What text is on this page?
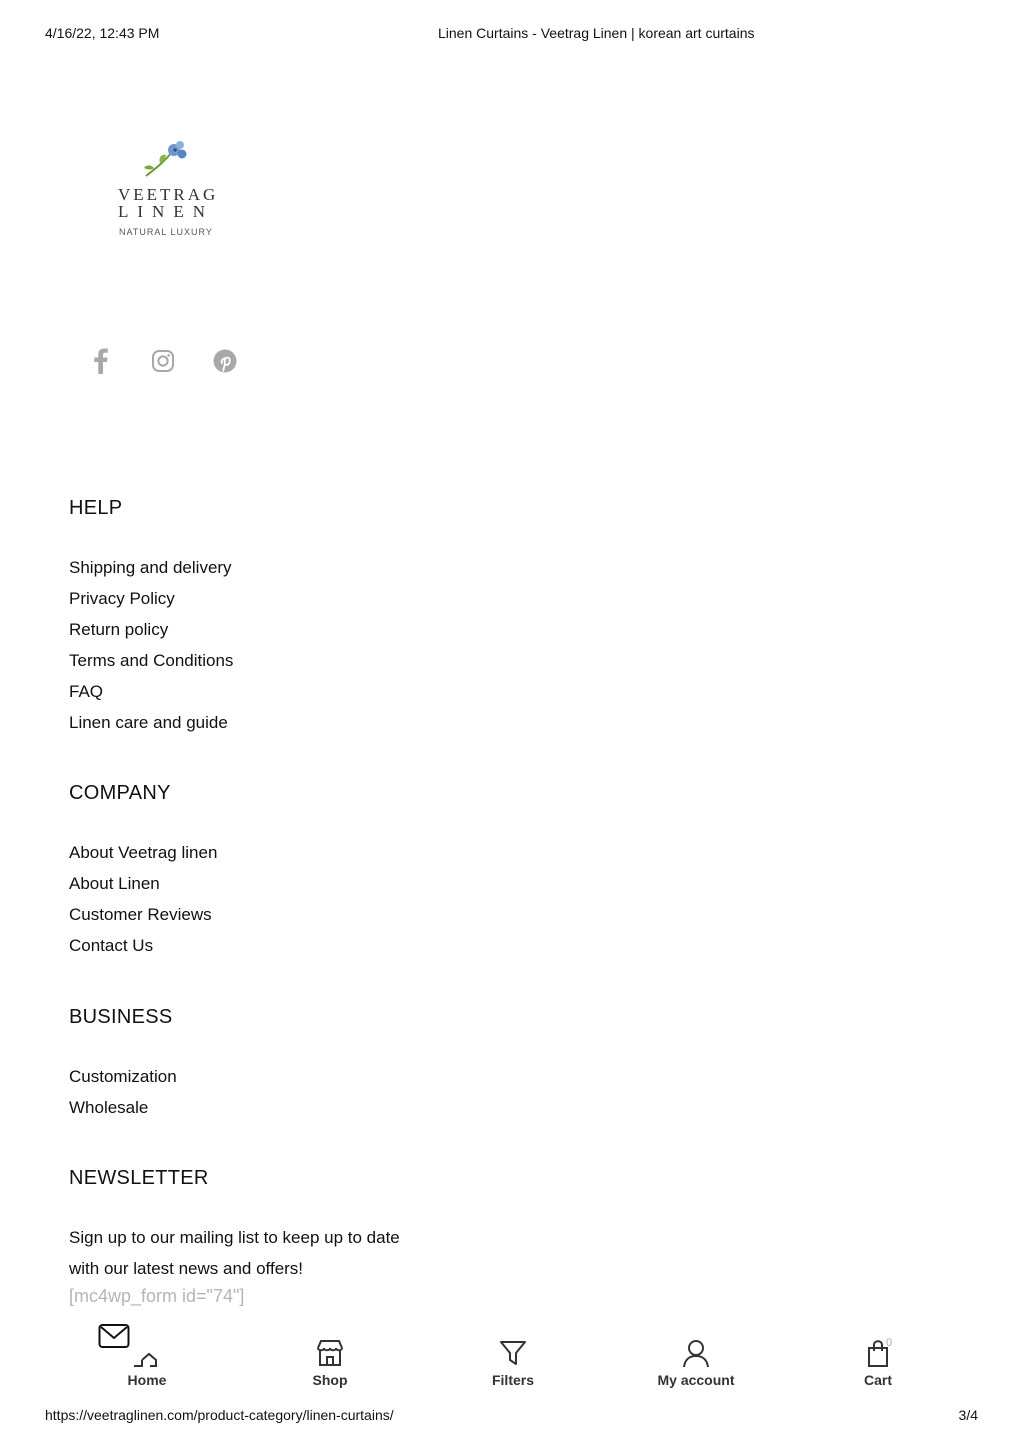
4/16/22, 12:43 PM	Linen Curtains - Veetrag Linen | korean art curtains
VEETRAG
LINEN
NATURAL LUXURY
HELP
Shipping and delivery
Privacy Policy
Return policy
Terms and Conditions
FAQ
Linen care and guide
COMPANY
About Veetrag linen
About Linen
Customer Reviews
Contact Us
BUSINESS
Customization
Wholesale
NEWSLETTER
Sign up to our mailing list to keep up to date with our latest news and offers!
[mc4wp_form id="74"]
Home	Shop	Filters	My account
0
Cart
https://veetraglinen.com/product-category/linen-curtains/	3/4
